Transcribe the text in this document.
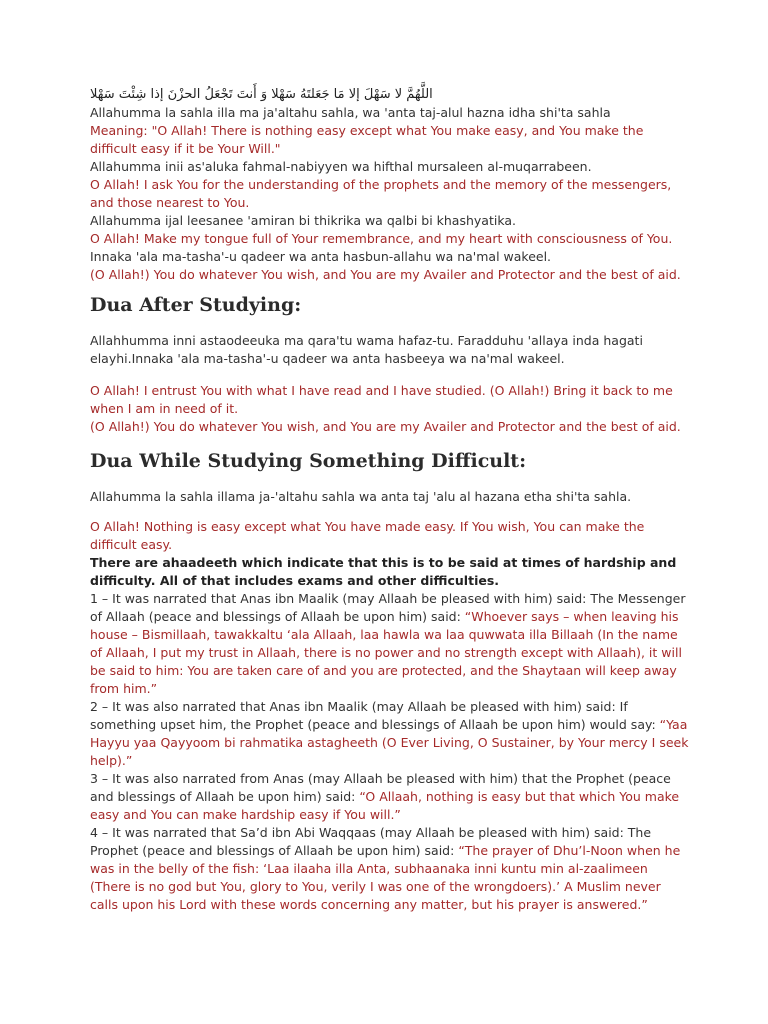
اللَّهُمَّ لا سَهْلَ إلا مَا جَعَلتَهُ سَهْلا وَ أَنتَ تَجْعَلُ الحزْنَ إذا شِئْتَ سَهْلا

Allahumma la sahla illa ma ja'altahu sahla, wa 'anta taj-alul hazna idha shi'ta sahla

Meaning: "O Allah! There is nothing easy except what You make easy, and You make the difficult easy if it be Your Will."

Allahumma inii as'aluka fahmal-nabiyyen wa hifthal mursaleen al-muqarrabeen.

O Allah! I ask You for the understanding of the prophets and the memory of the messengers, and those nearest to You.

Allahumma ijal leesanee 'amiran bi thikrika wa qalbi bi khashyatika.

O Allah! Make my tongue full of Your remembrance, and my heart with consciousness of You.

Innaka 'ala ma-tasha'-u qadeer wa anta hasbun-allahu wa na'mal wakeel.

(O Allah!) You do whatever You wish, and You are my Availer and Protector and the best of aid.

Dua After Studying:

Allahhumma inni astaodeeuka ma qara'tu wama hafaz-tu. Faradduhu 'allaya inda hagati elayhi.Innaka 'ala ma-tasha'-u qadeer wa anta hasbeeya wa na'mal wakeel.

O Allah! I entrust You with what I have read and I have studied. (O Allah!) Bring it back to me when I am in need of it.

(O Allah!) You do whatever You wish, and You are my Availer and Protector and the best of aid.

Dua While Studying Something Difficult:

Allahumma la sahla illama ja-'altahu sahla wa anta taj 'alu al hazana etha shi'ta sahla.

O Allah! Nothing is easy except what You have made easy. If You wish, You can make the difficult easy.

There are ahaadeeth which indicate that this is to be said at times of hardship and difficulty. All of that includes exams and other difficulties.

1 – It was narrated that Anas ibn Maalik (may Allaah be pleased with him) said: The Messenger of Allaah (peace and blessings of Allaah be upon him) said: “Whoever says – when leaving his house – Bismillaah, tawakkaltu ‘ala Allaah, laa hawla wa laa quwwata illa Billaah (In the name of Allaah, I put my trust in Allaah, there is no power and no strength except with Allaah), it will be said to him: You are taken care of and you are protected, and the Shaytaan will keep away from him.”

2 – It was also narrated that Anas ibn Maalik (may Allaah be pleased with him) said: If something upset him, the Prophet (peace and blessings of Allaah be upon him) would say: “Yaa Hayyu yaa Qayyoom bi rahmatika astagheeth (O Ever Living, O Sustainer, by Your mercy I seek help).”

3 – It was also narrated from Anas (may Allaah be pleased with him) that the Prophet (peace and blessings of Allaah be upon him) said: “O Allaah, nothing is easy but that which You make easy and You can make hardship easy if You will.”

4 – It was narrated that Sa’d ibn Abi Waqqaas (may Allaah be pleased with him) said: The Prophet (peace and blessings of Allaah be upon him) said: “The prayer of Dhu’l-Noon when he was in the belly of the fish: ‘Laa ilaaha illa Anta, subhaanaka inni kuntu min al-zaalimeen (There is no god but You, glory to You, verily I was one of the wrongdoers).’ A Muslim never calls upon his Lord with these words concerning any matter, but his prayer is answered.”
